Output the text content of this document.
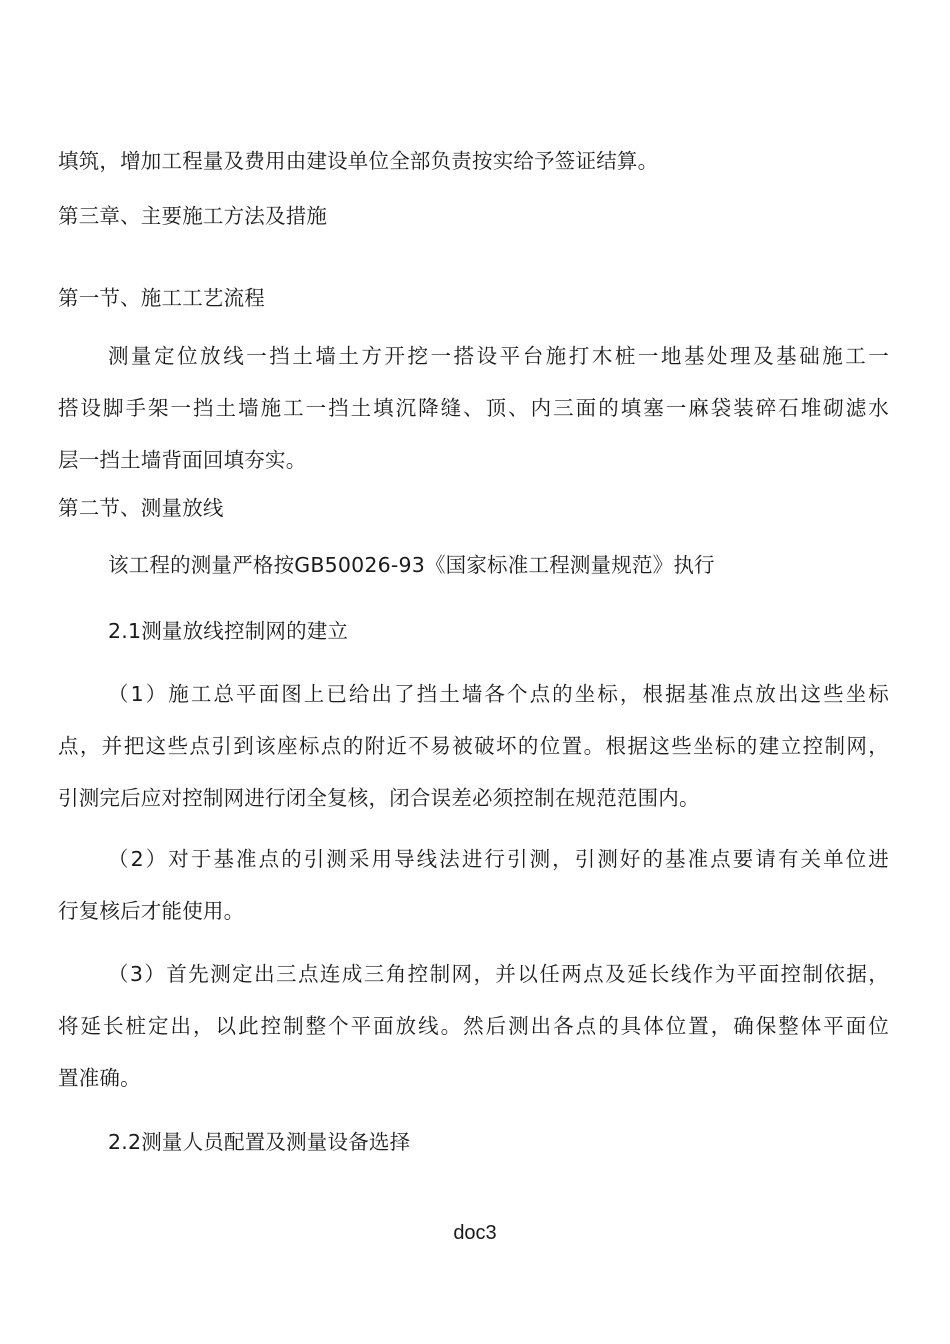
填筑，增加工程量及费用由建设单位全部负责按实给予签证结算。
第三章、主要施工方法及措施
第一节、施工工艺流程
测量定位放线一挡土墙土方开挖一搭设平台施打木桩一地基处理及基础施工一
搭设脚手架一挡土墙施工一挡土填沉降缝、顶、内三面的填塞一麻袋装碎石堆砌滤水
层一挡土墙背面回填夯实。
第二节、测量放线
该工程的测量严格按GB50026-93《国家标准工程测量规范》执行
2.1测量放线控制网的建立
（1）施工总平面图上已给出了挡土墙各个点的坐标，根据基准点放出这些坐标
点，并把这些点引到该座标点的附近不易被破坏的位置。根据这些坐标的建立控制网，
引测完后应对控制网进行闭全复核，闭合误差必须控制在规范范围内。
（2）对于基准点的引测采用导线法进行引测，引测好的基准点要请有关单位进
行复核后才能使用。
（3）首先测定出三点连成三角控制网，并以任两点及延长线作为平面控制依据，
将延长桩定出，以此控制整个平面放线。然后测出各点的具体位置，确保整体平面位
置准确。
2.2测量人员配置及测量设备选择
doc3
